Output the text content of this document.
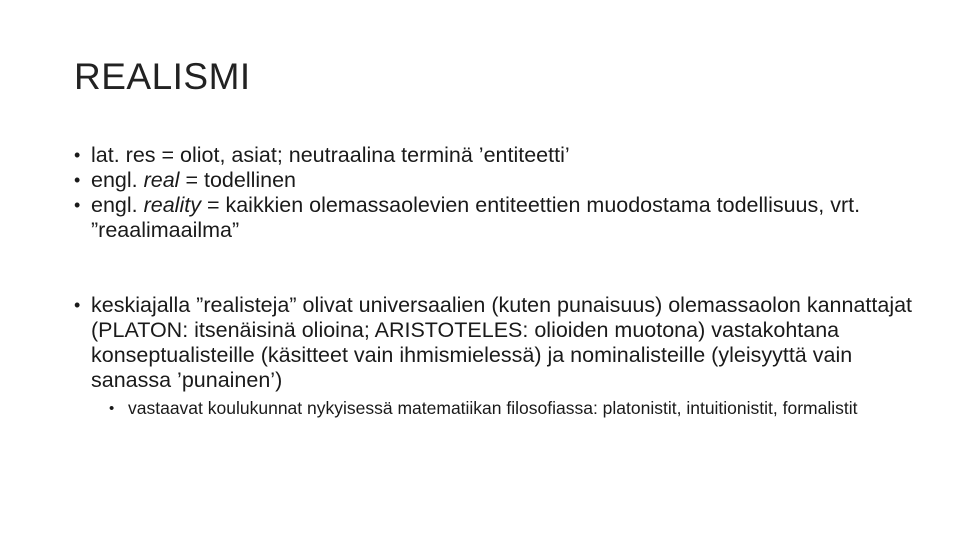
REALISMI
• lat. res = oliot, asiat; neutraalina terminä ’entiteetti’
• engl. real = todellinen
• engl. reality = kaikkien olemassaolevien entiteettien muodostama todellisuus, vrt. ”reaalimaailma”
• keskiajalla ”realisteja” olivat universaalien (kuten punaisuus) olemassaolon kannattajat (PLATON: itsenäisinä olioina; ARISTOTELES: olioiden muotona) vastakohtana konseptualisteille (käsitteet vain ihmismielessä) ja nominalisteille (yleisyyttä vain sanassa ’punainen’)
• vastaavat koulukunnat nykyisessä matematiikan filosofiassa: platonistit, intuitionistit, formalistit
